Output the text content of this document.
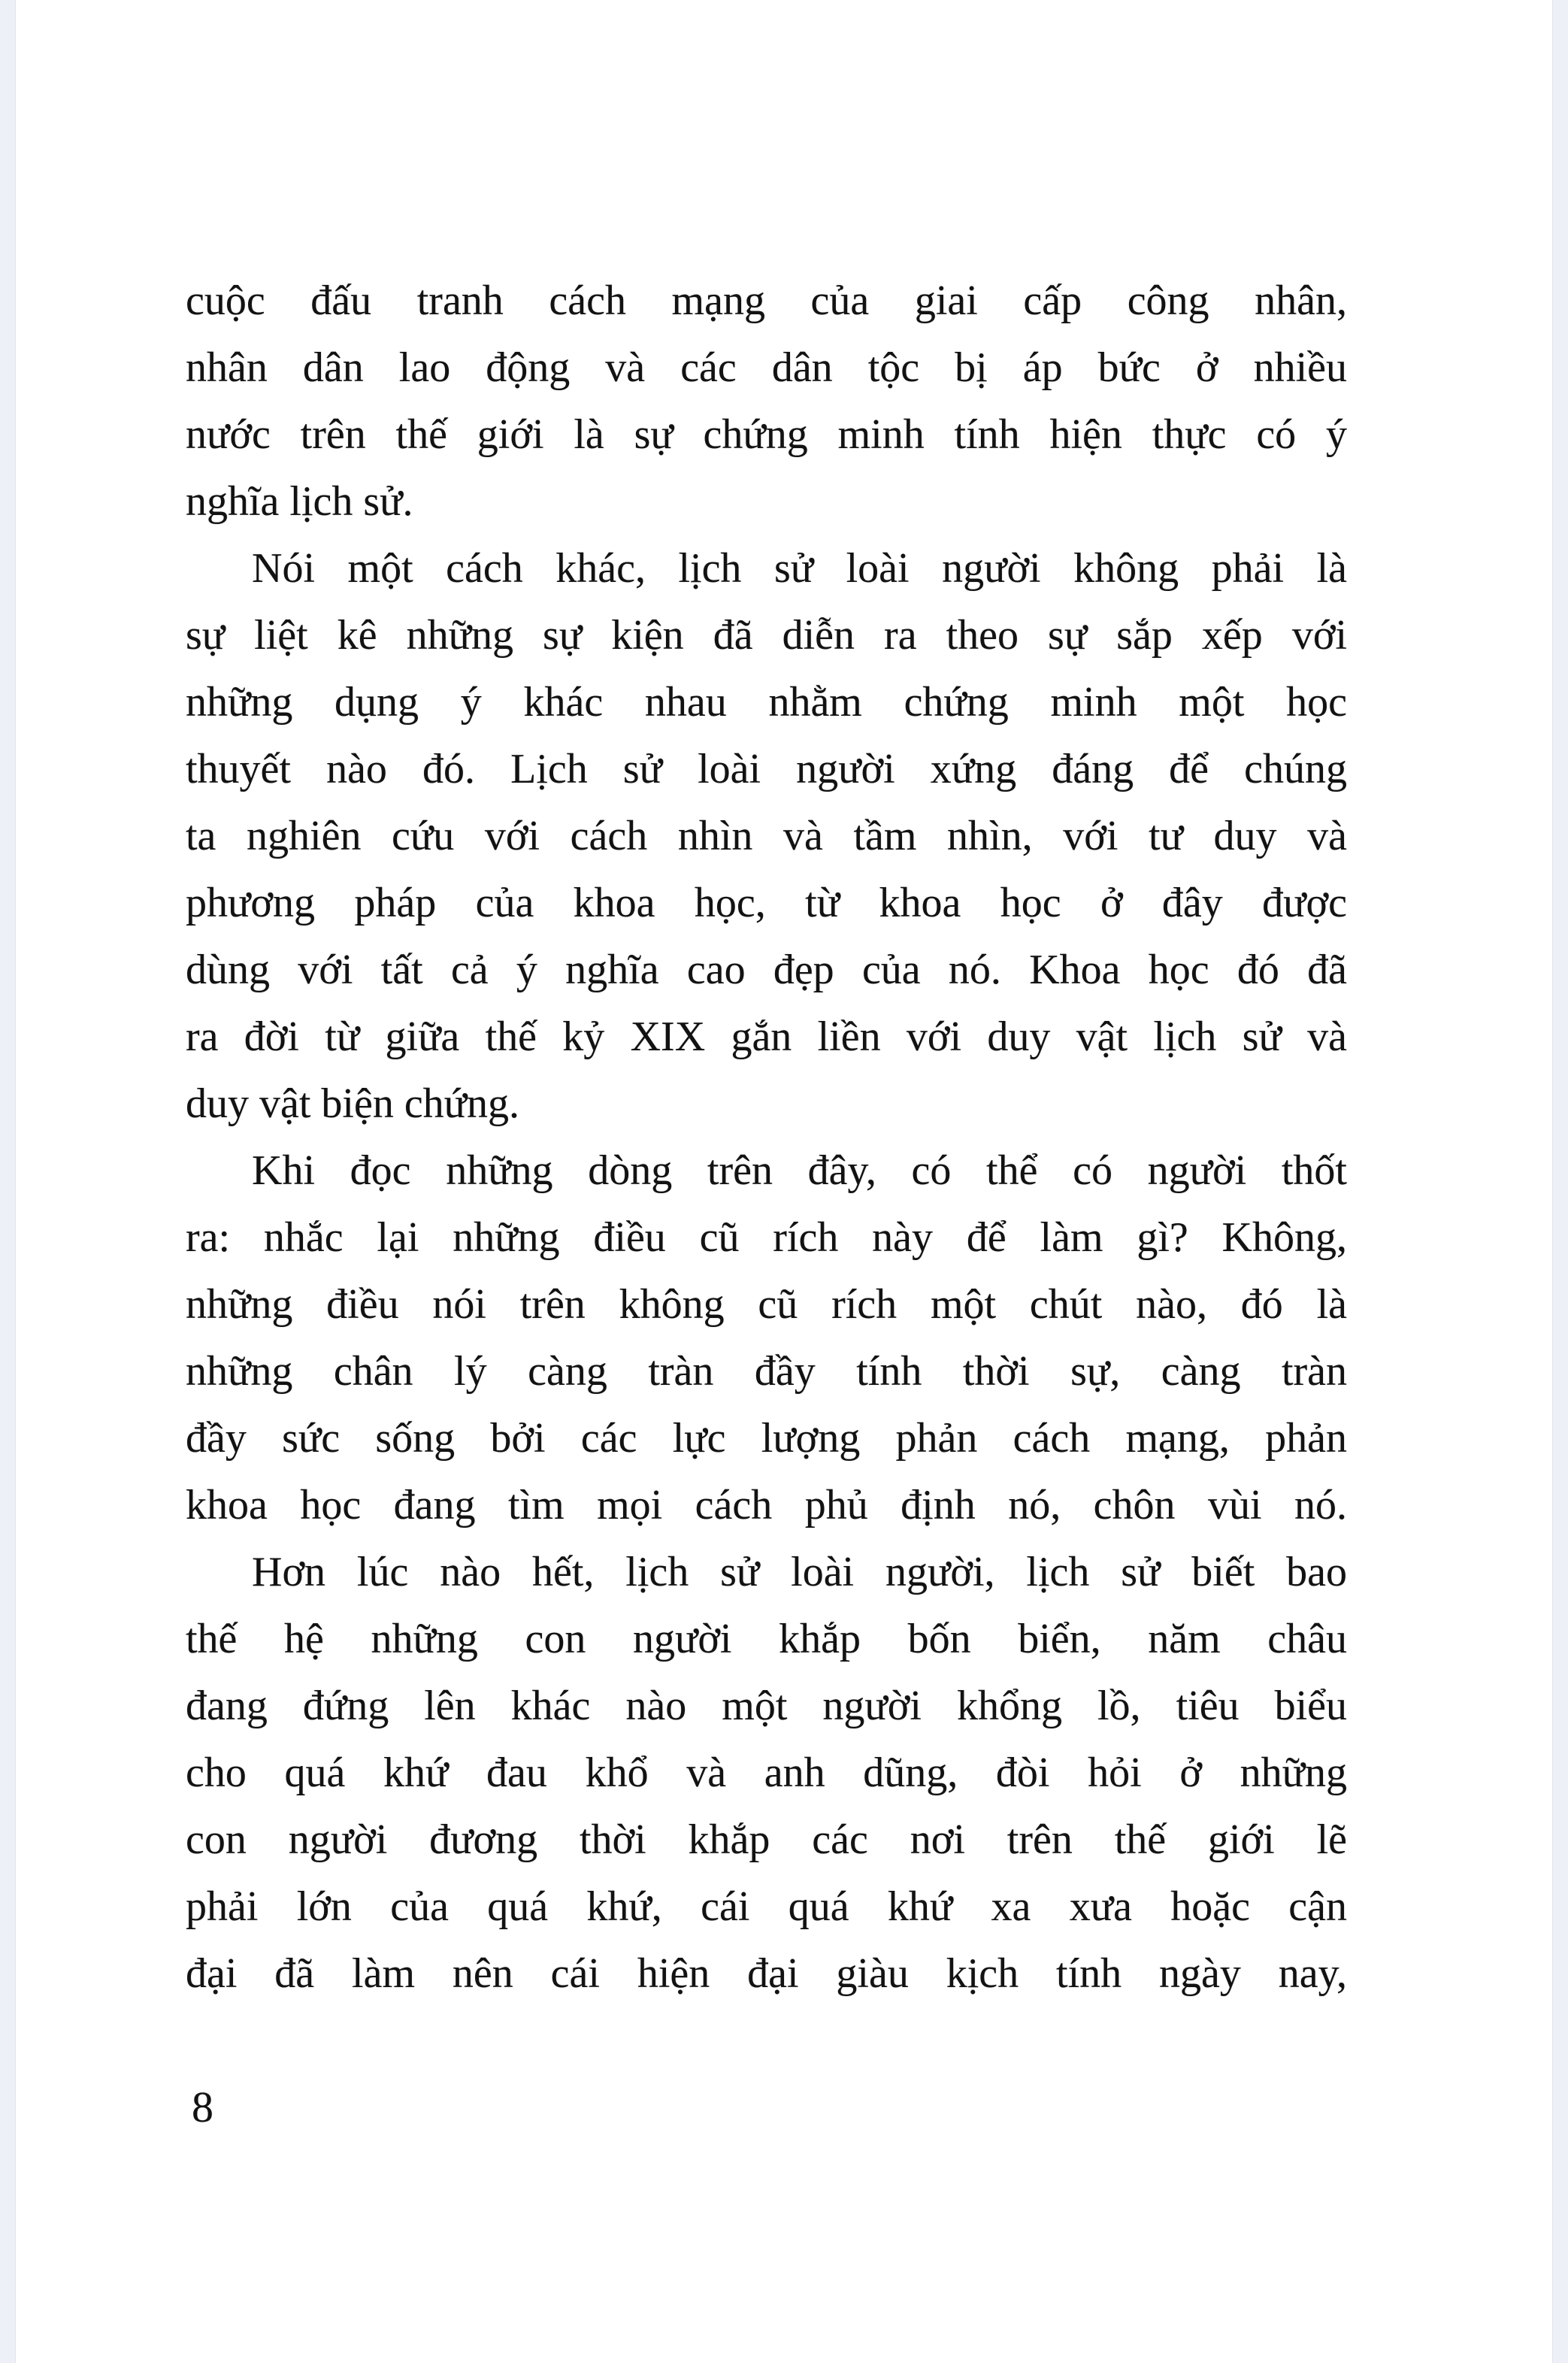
cuộc đấu tranh cách mạng của giai cấp công nhân,
nhân dân lao động và các dân tộc bị áp bức ở nhiều
nước trên thế giới là sự chứng minh tính hiện thực có ý
nghĩa lịch sử.

Nói một cách khác, lịch sử loài người không phải là
sự liệt kê những sự kiện đã diễn ra theo sự sắp xếp với
những dụng ý khác nhau nhằm chứng minh một học
thuyết nào đó. Lịch sử loài người xứng đáng để chúng
ta nghiên cứu với cách nhìn và tầm nhìn, với tư duy và
phương pháp của khoa học, từ khoa học ở đây được
dùng với tất cả ý nghĩa cao đẹp của nó. Khoa học đó đã
ra đời từ giữa thế kỷ XIX gắn liền với duy vật lịch sử và
duy vật biện chứng.

Khi đọc những dòng trên đây, có thể có người thốt
ra: nhắc lại những điều cũ rích này để làm gì? Không,
những điều nói trên không cũ rích một chút nào, đó là
những chân lý càng tràn đầy tính thời sự, càng tràn
đầy sức sống bởi các lực lượng phản cách mạng, phản
khoa học đang tìm mọi cách phủ định nó, chôn vùi nó.

Hơn lúc nào hết, lịch sử loài người, lịch sử biết bao
thế hệ những con người khắp bốn biển, năm châu
đang đứng lên khác nào một người khổng lồ, tiêu biểu
cho quá khứ đau khổ và anh dũng, đòi hỏi ở những
con người đương thời khắp các nơi trên thế giới lẽ
phải lớn của quá khứ, cái quá khứ xa xưa hoặc cận
đại đã làm nên cái hiện đại giàu kịch tính ngày nay,

8
